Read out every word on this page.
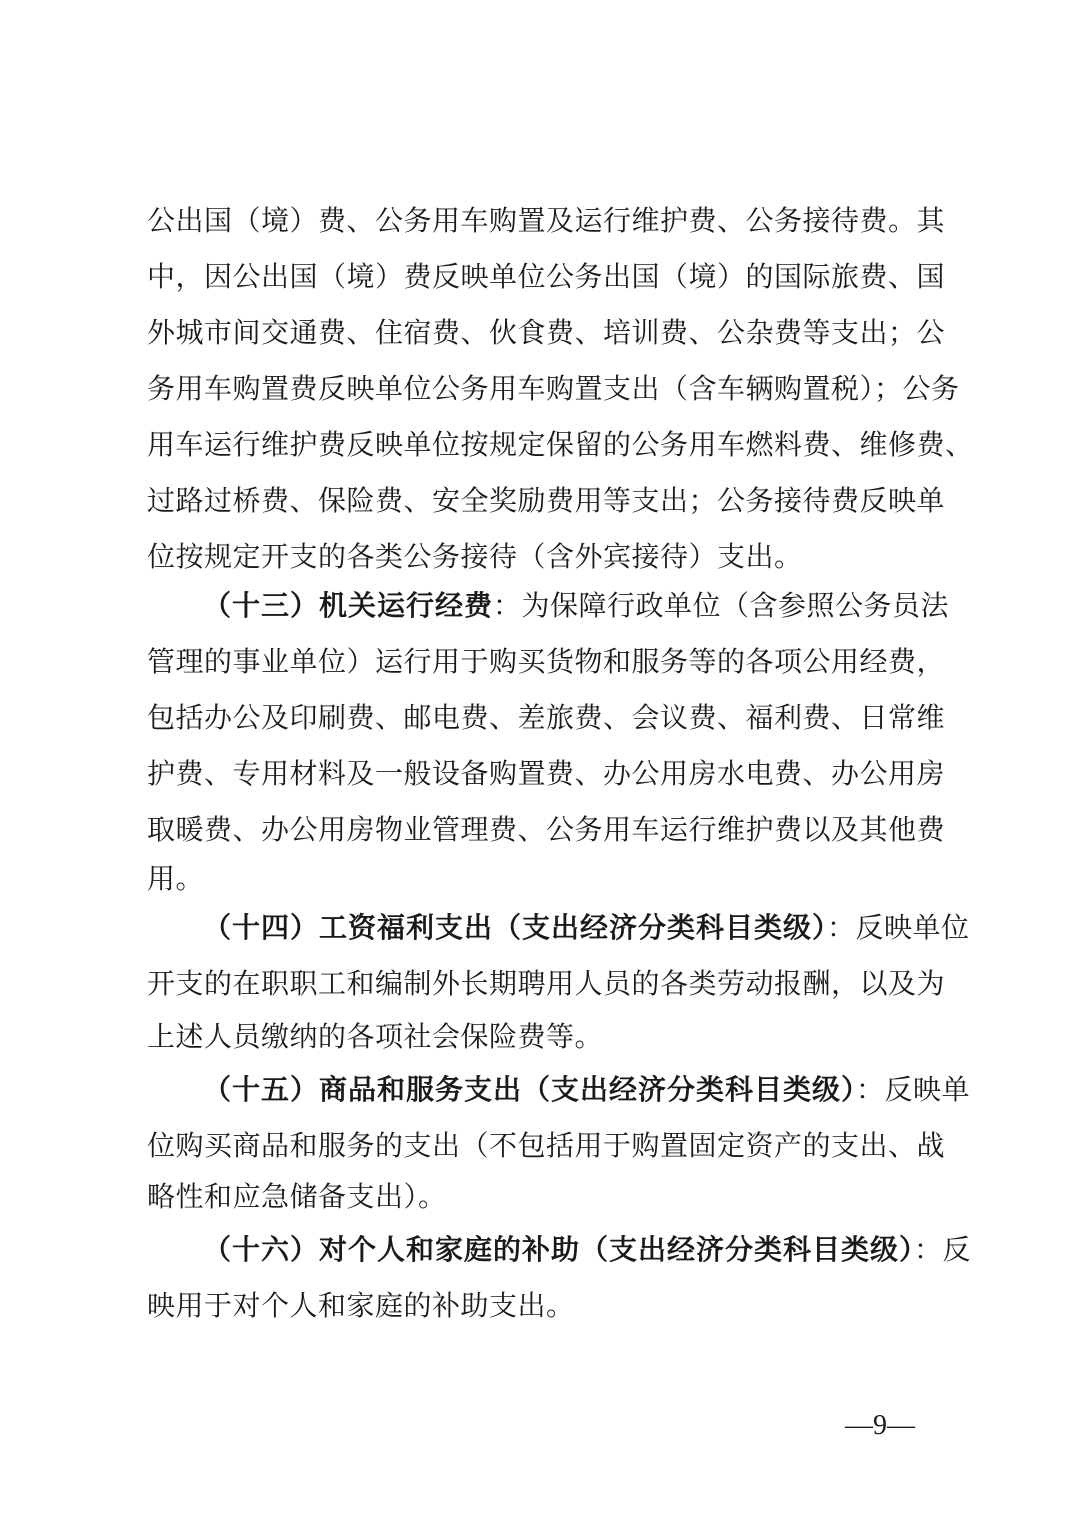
公出国（境）费、公务用车购置及运行维护费、公务接待费。其
中，因公出国（境）费反映单位公务出国（境）的国际旅费、国
外城市间交通费、住宿费、伙食费、培训费、公杂费等支出；公
务用车购置费反映单位公务用车购置支出（含车辆购置税）；公务
用车运行维护费反映单位按规定保留的公务用车燃料费、维修费、
过路过桥费、保险费、安全奖励费用等支出；公务接待费反映单
位按规定开支的各类公务接待（含外宾接待）支出。
（十三）机关运行经费：为保障行政单位（含参照公务员法
管理的事业单位）运行用于购买货物和服务等的各项公用经费，
包括办公及印刷费、邮电费、差旅费、会议费、福利费、日常维
护费、专用材料及一般设备购置费、办公用房水电费、办公用房
取暖费、办公用房物业管理费、公务用车运行维护费以及其他费
用。
（十四）工资福利支出（支出经济分类科目类级）：反映单位
开支的在职职工和编制外长期聘用人员的各类劳动报酬，以及为
上述人员缴纳的各项社会保险费等。
（十五）商品和服务支出（支出经济分类科目类级）：反映单
位购买商品和服务的支出（不包括用于购置固定资产的支出、战
略性和应急储备支出）。
（十六）对个人和家庭的补助（支出经济分类科目类级）：反
映用于对个人和家庭的补助支出。
—9—
